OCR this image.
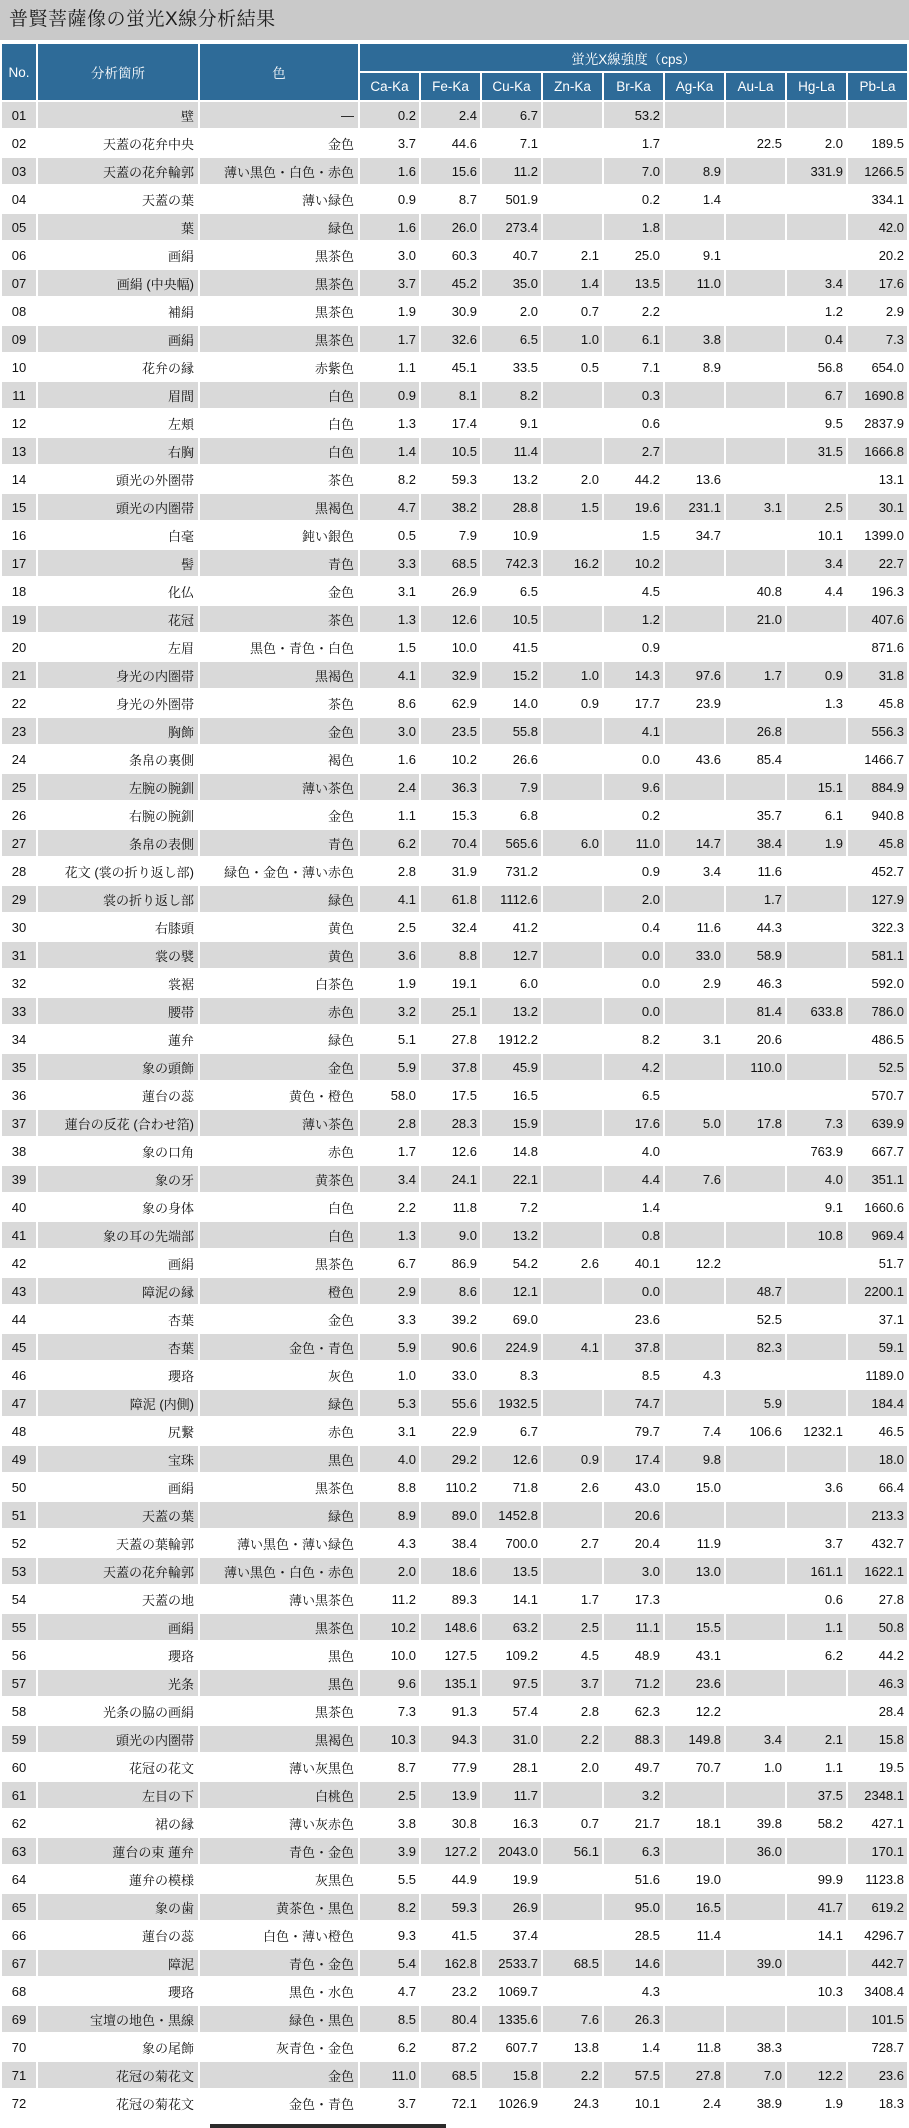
普賢菩薩像の蛍光X線分析結果
No.	分析箇所	色	蛍光X線強度（cps）								
			Ca-Ka	Fe-Ka	Cu-Ka	Zn-Ka	Br-Ka	Ag-Ka	Au-La	Hg-La	Pb-La
01	壁	—	0.2	2.4	6.7		53.2				
02	天蓋の花弁中央	金色	3.7	44.6	7.1		1.7		22.5	2.0	189.5
03	天蓋の花弁輪郭	薄い黒色・白色・赤色	1.6	15.6	11.2		7.0	8.9		331.9	1266.5
04	天蓋の葉	薄い緑色	0.9	8.7	501.9		0.2	1.4			334.1
05	葉	緑色	1.6	26.0	273.4		1.8				42.0
06	画絹	黒茶色	3.0	60.3	40.7	2.1	25.0	9.1			20.2
07	画絹 (中央幅)	黒茶色	3.7	45.2	35.0	1.4	13.5	11.0		3.4	17.6
08	補絹	黒茶色	1.9	30.9	2.0	0.7	2.2			1.2	2.9
09	画絹	黒茶色	1.7	32.6	6.5	1.0	6.1	3.8		0.4	7.3
10	花弁の縁	赤紫色	1.1	45.1	33.5	0.5	7.1	8.9		56.8	654.0
11	眉間	白色	0.9	8.1	8.2		0.3			6.7	1690.8
12	左頬	白色	1.3	17.4	9.1		0.6			9.5	2837.9
13	右胸	白色	1.4	10.5	11.4		2.7			31.5	1666.8
14	頭光の外圏帯	茶色	8.2	59.3	13.2	2.0	44.2	13.6			13.1
15	頭光の内圏帯	黒褐色	4.7	38.2	28.8	1.5	19.6	231.1	3.1	2.5	30.1
16	白毫	鈍い銀色	0.5	7.9	10.9		1.5	34.7		10.1	1399.0
17	髻	青色	3.3	68.5	742.3	16.2	10.2			3.4	22.7
18	化仏	金色	3.1	26.9	6.5		4.5		40.8	4.4	196.3
19	花冠	茶色	1.3	12.6	10.5		1.2		21.0		407.6
20	左眉	黒色・青色・白色	1.5	10.0	41.5		0.9				871.6
21	身光の内圏帯	黒褐色	4.1	32.9	15.2	1.0	14.3	97.6	1.7	0.9	31.8
22	身光の外圏帯	茶色	8.6	62.9	14.0	0.9	17.7	23.9		1.3	45.8
23	胸飾	金色	3.0	23.5	55.8		4.1		26.8		556.3
24	条帛の裏側	褐色	1.6	10.2	26.6		0.0	43.6	85.4		1466.7
25	左腕の腕釧	薄い茶色	2.4	36.3	7.9		9.6			15.1	884.9
26	右腕の腕釧	金色	1.1	15.3	6.8		0.2		35.7	6.1	940.8
27	条帛の表側	青色	6.2	70.4	565.6	6.0	11.0	14.7	38.4	1.9	45.8
28	花文 (裳の折り返し部)	緑色・金色・薄い赤色	2.8	31.9	731.2		0.9	3.4	11.6		452.7
29	裳の折り返し部	緑色	4.1	61.8	1112.6		2.0		1.7		127.9
30	右膝頭	黄色	2.5	32.4	41.2		0.4	11.6	44.3		322.3
31	裳の襞	黄色	3.6	8.8	12.7		0.0	33.0	58.9		581.1
32	裳裾	白茶色	1.9	19.1	6.0		0.0	2.9	46.3		592.0
33	腰帯	赤色	3.2	25.1	13.2		0.0		81.4	633.8	786.0
34	蓮弁	緑色	5.1	27.8	1912.2		8.2	3.1	20.6		486.5
35	象の頭飾	金色	5.9	37.8	45.9		4.2		110.0		52.5
36	蓮台の蕊	黄色・橙色	58.0	17.5	16.5		6.5				570.7
37	蓮台の反花 (合わせ箔)	薄い茶色	2.8	28.3	15.9		17.6	5.0	17.8	7.3	639.9
38	象の口角	赤色	1.7	12.6	14.8		4.0			763.9	667.7
39	象の牙	黄茶色	3.4	24.1	22.1		4.4	7.6		4.0	351.1
40	象の身体	白色	2.2	11.8	7.2		1.4			9.1	1660.6
41	象の耳の先端部	白色	1.3	9.0	13.2		0.8			10.8	969.4
42	画絹	黒茶色	6.7	86.9	54.2	2.6	40.1	12.2			51.7
43	障泥の縁	橙色	2.9	8.6	12.1		0.0		48.7		2200.1
44	杏葉	金色	3.3	39.2	69.0		23.6		52.5		37.1
45	杏葉	金色・青色	5.9	90.6	224.9	4.1	37.8		82.3		59.1
46	瓔珞	灰色	1.0	33.0	8.3		8.5	4.3			1189.0
47	障泥 (内側)	緑色	5.3	55.6	1932.5		74.7		5.9		184.4
48	尻繋	赤色	3.1	22.9	6.7		79.7	7.4	106.6	1232.1	46.5
49	宝珠	黒色	4.0	29.2	12.6	0.9	17.4	9.8			18.0
50	画絹	黒茶色	8.8	110.2	71.8	2.6	43.0	15.0		3.6	66.4
51	天蓋の葉	緑色	8.9	89.0	1452.8		20.6				213.3
52	天蓋の葉輪郭	薄い黒色・薄い緑色	4.3	38.4	700.0	2.7	20.4	11.9		3.7	432.7
53	天蓋の花弁輪郭	薄い黒色・白色・赤色	2.0	18.6	13.5		3.0	13.0		161.1	1622.1
54	天蓋の地	薄い黒茶色	11.2	89.3	14.1	1.7	17.3			0.6	27.8
55	画絹	黒茶色	10.2	148.6	63.2	2.5	11.1	15.5		1.1	50.8
56	瓔珞	黒色	10.0	127.5	109.2	4.5	48.9	43.1		6.2	44.2
57	光条	黒色	9.6	135.1	97.5	3.7	71.2	23.6			46.3
58	光条の脇の画絹	黒茶色	7.3	91.3	57.4	2.8	62.3	12.2			28.4
59	頭光の内圏帯	黒褐色	10.3	94.3	31.0	2.2	88.3	149.8	3.4	2.1	15.8
60	花冠の花文	薄い灰黒色	8.7	77.9	28.1	2.0	49.7	70.7	1.0	1.1	19.5
61	左目の下	白桃色	2.5	13.9	11.7		3.2			37.5	2348.1
62	裙の縁	薄い灰赤色	3.8	30.8	16.3	0.7	21.7	18.1	39.8	58.2	427.1
63	蓮台の束 蓮弁	青色・金色	3.9	127.2	2043.0	56.1	6.3		36.0		170.1
64	蓮弁の模様	灰黒色	5.5	44.9	19.9		51.6	19.0		99.9	1123.8
65	象の歯	黄茶色・黒色	8.2	59.3	26.9		95.0	16.5		41.7	619.2
66	蓮台の蕊	白色・薄い橙色	9.3	41.5	37.4		28.5	11.4		14.1	4296.7
67	障泥	青色・金色	5.4	162.8	2533.7	68.5	14.6		39.0		442.7
68	瓔珞	黒色・水色	4.7	23.2	1069.7		4.3			10.3	3408.4
69	宝壇の地色・黒線	緑色・黒色	8.5	80.4	1335.6	7.6	26.3				101.5
70	象の尾飾	灰青色・金色	6.2	87.2	607.7	13.8	1.4	11.8	38.3		728.7
71	花冠の菊花文	金色	11.0	68.5	15.8	2.2	57.5	27.8	7.0	12.2	23.6
72	花冠の菊花文	金色・青色	3.7	72.1	1026.9	24.3	10.1	2.4	38.9	1.9	18.3
